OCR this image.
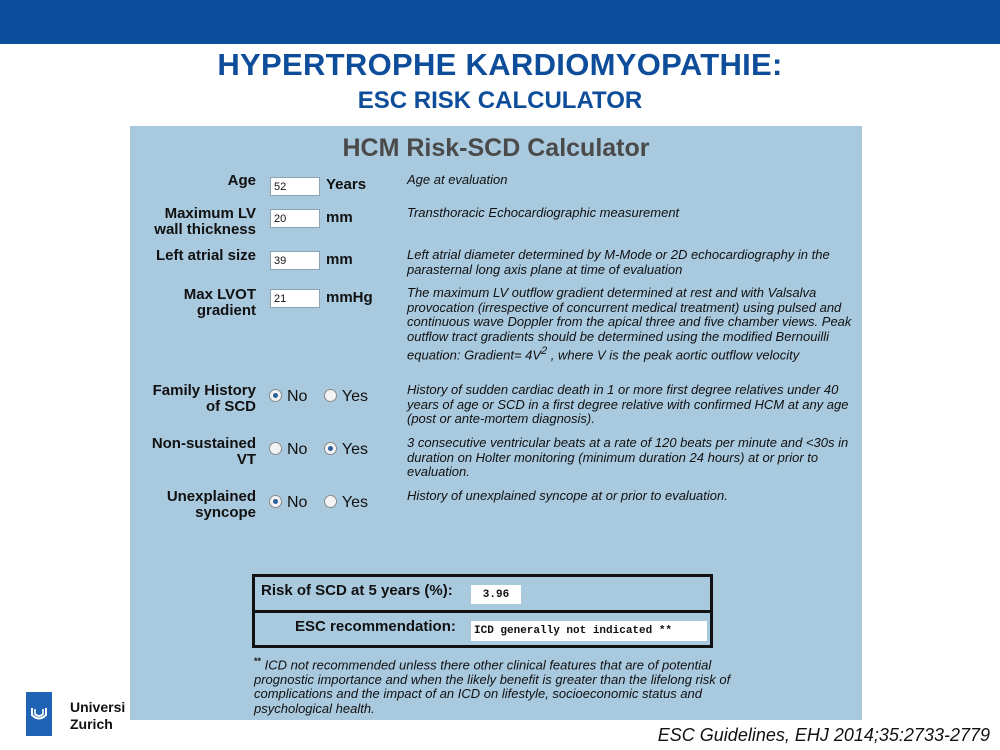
HYPERTROPHE KARDIOMYOPATHIE:
ESC RISK CALCULATOR
HCM Risk-SCD Calculator
Age	52	Years	Age at evaluation
Maximum LV
wall thickness
20	mm	Transthoracic Echocardiographic measurement
Left atrial size	39	mm	Left atrial diameter determined by M-Mode or 2D echocardiography in the parasternal long axis plane at time of evaluation
Max LVOT
gradient
21	mmHg	The maximum LV outflow gradient determined at rest and with Valsalva provocation (irrespective of concurrent medical treatment) using pulsed and continuous wave Doppler from the apical three and five chamber views. Peak outflow tract gradients should be determined using the modified Bernouilli equation: Gradient= $4V^2$ , where V is the peak aortic outflow velocity
Family History
of SCD
No Yes	History of sudden cardiac death in 1 or more first degree relatives under 40 years of age or SCD in a first degree relative with confirmed HCM at any age (post or ante-mortem diagnosis).
Non-sustained
VT
No Yes	3 consecutive ventricular beats at a rate of 120 beats per minute and <30s in duration on Holter monitoring (minimum duration 24 hours) at or prior to evaluation.
Unexplained
syncope
No Yes	History of unexplained syncope at or prior to evaluation.
Risk of SCD at 5 years (%):	3.96
ESC recommendation: ICD generally not indicated **
** ICD not recommended unless there other clinical features that are of potential prognostic importance and when the likely benefit is greater than the lifelong risk of complications and the impact of an ICD on lifestyle, socioeconomic status and psychological health.
Universi
Zurich
ESC Guidelines, EHJ 2014;35:2733-2779
